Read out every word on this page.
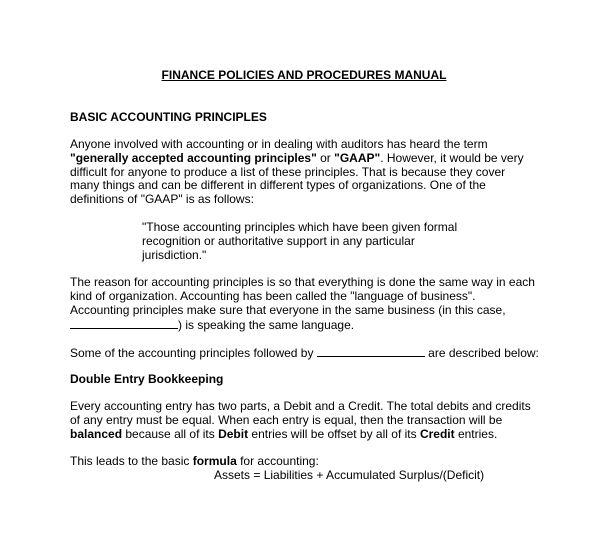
FINANCE POLICIES AND PROCEDURES MANUAL
BASIC ACCOUNTING PRINCIPLES

Anyone involved with accounting or in dealing with auditors has heard the term
"generally accepted accounting principles" or "GAAP". However, it would be very
difficult for anyone to produce a list of these principles. That is because they cover
many things and can be different in different types of organizations. One of the
definitions of "GAAP" is as follows:

"Those accounting principles which have been given formal
recognition or authoritative support in any particular
jurisdiction."

The reason for accounting principles is so that everything is done the same way in each
kind of organization. Accounting has been called the "language of business".
Accounting principles make sure that everyone in the same business (in this case,
) is speaking the same language.

Some of the accounting principles followed by	are described below:

Double Entry Bookkeeping

Every accounting entry has two parts, a Debit and a Credit. The total debits and credits
of any entry must be equal. When each entry is equal, then the transaction will be
balanced because all of its Debit entries will be offset by all of its Credit entries.

This leads to the basic formula for accounting:

Assets = Liabilities + Accumulated Surplus/(Deficit)
